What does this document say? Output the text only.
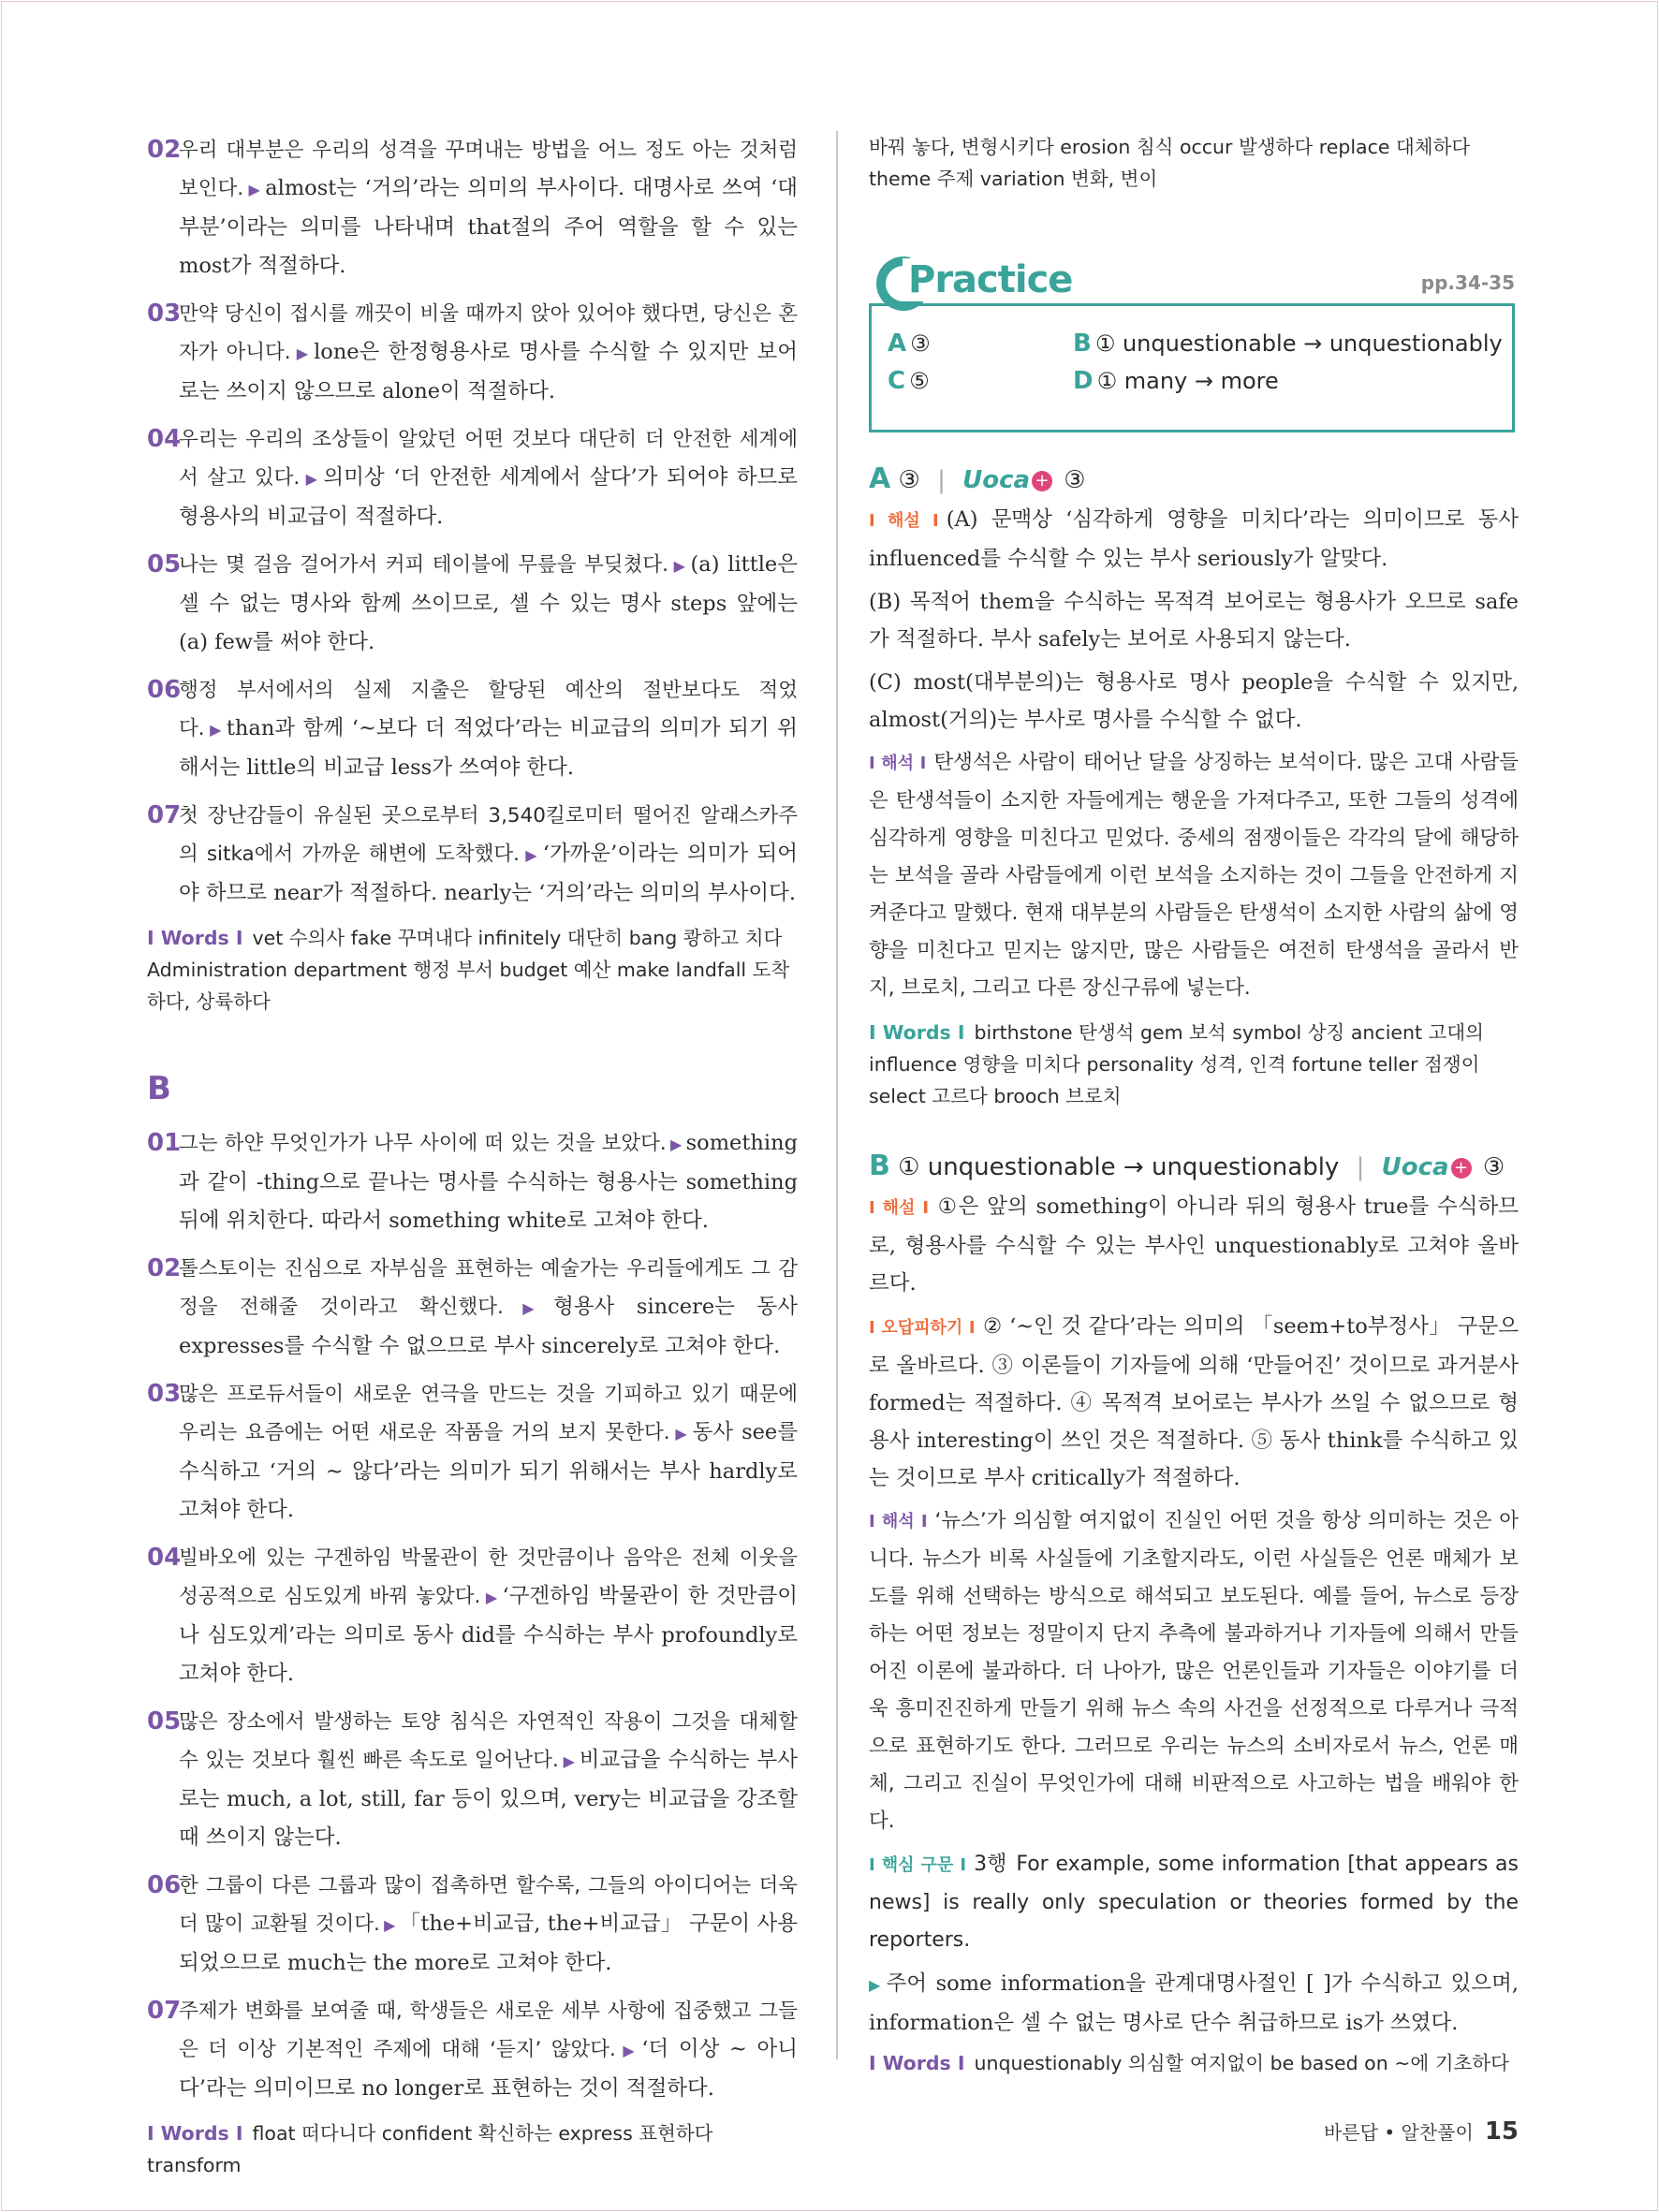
02
우리 대부분은 우리의 성격을 꾸며내는 방법을 어느 정도 아는 것처럼 보인다. ▶ almost는 ‘거의’라는 의미의 부사이다. 대명사로 쓰여 ‘대부분’이라는 의미를 나타내며 that절의 주어 역할을 할 수 있는 most가 적절하다.
03
만약 당신이 접시를 깨끗이 비울 때까지 앉아 있어야 했다면, 당신은 혼자가 아니다. ▶ lone은 한정형용사로 명사를 수식할 수 있지만 보어로는 쓰이지 않으므로 alone이 적절하다.
04
우리는 우리의 조상들이 알았던 어떤 것보다 대단히 더 안전한 세계에서 살고 있다. ▶ 의미상 ‘더 안전한 세계에서 살다’가 되어야 하므로 형용사의 비교급이 적절하다.
05
나는 몇 걸음 걸어가서 커피 테이블에 무릎을 부딪쳤다. ▶ (a) little은 셀 수 없는 명사와 함께 쓰이므로, 셀 수 있는 명사 steps 앞에는 (a) few를 써야 한다.
06
행정 부서에서의 실제 지출은 할당된 예산의 절반보다도 적었다. ▶ than과 함께 ‘~보다 더 적었다’라는 비교급의 의미가 되기 위해서는 little의 비교급 less가 쓰여야 한다.
07
첫 장난감들이 유실된 곳으로부터 3,540킬로미터 떨어진 알래스카주의 sitka에서 가까운 해변에 도착했다. ▶ ‘가까운’이라는 의미가 되어야 하므로 near가 적절하다. nearly는 ‘거의’라는 의미의 부사이다.
I Words I vet 수의사 fake 꾸며내다 infinitely 대단히 bang 쾅하고 치다
Administration department 행정 부서 budget 예산 make landfall 도착
하다, 상륙하다
B
01
그는 하얀 무엇인가가 나무 사이에 떠 있는 것을 보았다. ▶ something과 같이 -thing으로 끝나는 명사를 수식하는 형용사는 something 뒤에 위치한다. 따라서 something white로 고쳐야 한다.
02
톨스토이는 진심으로 자부심을 표현하는 예술가는 우리들에게도 그 감정을 전해줄 것이라고 확신했다. ▶ 형용사 sincere는 동사 expresses를 수식할 수 없으므로 부사 sincerely로 고쳐야 한다.
03
많은 프로듀서들이 새로운 연극을 만드는 것을 기피하고 있기 때문에 우리는 요즘에는 어떤 새로운 작품을 거의 보지 못한다. ▶ 동사 see를 수식하고 ‘거의 ~ 않다’라는 의미가 되기 위해서는 부사 hardly로 고쳐야 한다.
04
빌바오에 있는 구겐하임 박물관이 한 것만큼이나 음악은 전체 이웃을 성공적으로 심도있게 바꿔 놓았다. ▶ ‘구겐하임 박물관이 한 것만큼이나 심도있게’라는 의미로 동사 did를 수식하는 부사 profoundly로 고쳐야 한다.
05
많은 장소에서 발생하는 토양 침식은 자연적인 작용이 그것을 대체할 수 있는 것보다 훨씬 빠른 속도로 일어난다. ▶ 비교급을 수식하는 부사로는 much, a lot, still, far 등이 있으며, very는 비교급을 강조할 때 쓰이지 않는다.
06
한 그룹이 다른 그룹과 많이 접촉하면 할수록, 그들의 아이디어는 더욱더 많이 교환될 것이다. ▶ 「the+비교급, the+비교급」 구문이 사용되었으므로 much는 the more로 고쳐야 한다.
07
주제가 변화를 보여줄 때, 학생들은 새로운 세부 사항에 집중했고 그들은 더 이상 기본적인 주제에 대해 ‘듣지’ 않았다. ▶ ‘더 이상 ~ 아니다’라는 의미이므로 no longer로 표현하는 것이 적절하다.
I Words I float 떠다니다 confident 확신하는 express 표현하다 transform
바꿔 놓다, 변형시키다 erosion 침식 occur 발생하다 replace 대체하다
theme 주제 variation 변화, 변이
Practice	pp.34-35
A ③	B ① unquestionable → unquestionably
C ⑤	D ① many → more
A ③ | Uoca + ③
I 해설 I (A) 문맥상 ‘심각하게 영향을 미치다’라는 의미이므로 동사 influenced를 수식할 수 있는 부사 seriously가 알맞다.
(B) 목적어 them을 수식하는 목적격 보어로는 형용사가 오므로 safe가 적절하다. 부사 safely는 보어로 사용되지 않는다.
(C) most(대부분의)는 형용사로 명사 people을 수식할 수 있지만, almost(거의)는 부사로 명사를 수식할 수 없다.
I 해석 I 탄생석은 사람이 태어난 달을 상징하는 보석이다. 많은 고대 사람들은 탄생석들이 소지한 자들에게는 행운을 가져다주고, 또한 그들의 성격에 심각하게 영향을 미친다고 믿었다. 중세의 점쟁이들은 각각의 달에 해당하는 보석을 골라 사람들에게 이런 보석을 소지하는 것이 그들을 안전하게 지켜준다고 말했다. 현재 대부분의 사람들은 탄생석이 소지한 사람의 삶에 영향을 미친다고 믿지는 않지만, 많은 사람들은 여전히 탄생석을 골라서 반지, 브로치, 그리고 다른 장신구류에 넣는다.
I Words I birthstone 탄생석 gem 보석 symbol 상징 ancient 고대의
influence 영향을 미치다 personality 성격, 인격 fortune teller 점쟁이
select 고르다 brooch 브로치
B ① unquestionable → unquestionably | Uoca + ③
I 해설 I ①은 앞의 something이 아니라 뒤의 형용사 true를 수식하므로, 형용사를 수식할 수 있는 부사인 unquestionably로 고쳐야 올바르다.
I 오답피하기 I ② ‘~인 것 같다’라는 의미의 「seem+to부정사」 구문으로 올바르다. ③ 이론들이 기자들에 의해 ‘만들어진’ 것이므로 과거분사 formed는 적절하다. ④ 목적격 보어로는 부사가 쓰일 수 없으므로 형용사 interesting이 쓰인 것은 적절하다. ⑤ 동사 think를 수식하고 있는 것이므로 부사 critically가 적절하다.
I 해석 I ‘뉴스’가 의심할 여지없이 진실인 어떤 것을 항상 의미하는 것은 아니다. 뉴스가 비록 사실들에 기초할지라도, 이런 사실들은 언론 매체가 보도를 위해 선택하는 방식으로 해석되고 보도된다. 예를 들어, 뉴스로 등장하는 어떤 정보는 정말이지 단지 추측에 불과하거나 기자들에 의해서 만들어진 이론에 불과하다. 더 나아가, 많은 언론인들과 기자들은 이야기를 더욱 흥미진진하게 만들기 위해 뉴스 속의 사건을 선정적으로 다루거나 극적으로 표현하기도 한다. 그러므로 우리는 뉴스의 소비자로서 뉴스, 언론 매체, 그리고 진실이 무엇인가에 대해 비판적으로 사고하는 법을 배워야 한다.
I 핵심 구문 I 3행 For example, some information [that appears as news] is really only speculation or theories formed by the reporters.
▶ 주어 some information을 관계대명사절인 [ ]가 수식하고 있으며, information은 셀 수 없는 명사로 단수 취급하므로 is가 쓰였다.
I Words I unquestionably 의심할 여지없이 be based on ~에 기초하다
바른답 • 알찬풀이 15
